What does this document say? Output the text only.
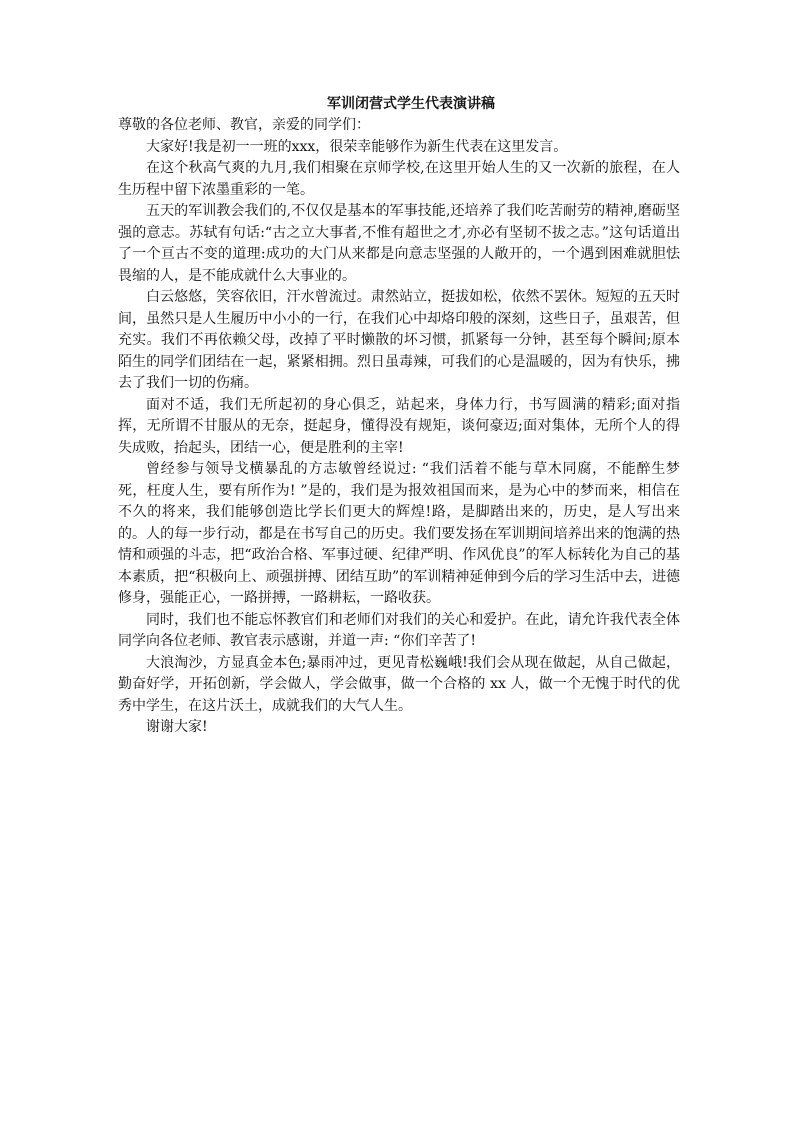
军训闭营式学生代表演讲稿

尊敬的各位老师、教官，亲爱的同学们：

大家好!我是初一一班的xxx，很荣幸能够作为新生代表在这里发言。

在这个秋高气爽的九月,我们相聚在京师学校,在这里开始人生的又一次新的旅程，在人生历程中留下浓墨重彩的一笔。

五天的军训教会我们的,不仅仅是基本的军事技能,还培养了我们吃苦耐劳的精神,磨砺坚强的意志。苏轼有句话:“古之立大事者,不惟有超世之才,亦必有坚韧不拔之志。”这句话道出了一个亘古不变的道理:成功的大门从来都是向意志坚强的人敞开的，一个遇到困难就胆怯畏缩的人，是不能成就什么大事业的。

白云悠悠，笑容依旧，汗水曾流过。肃然站立，挺拔如松，依然不罢休。短短的五天时间，虽然只是人生履历中小小的一行，在我们心中却烙印般的深刻，这些日子，虽艰苦，但充实。我们不再依赖父母，改掉了平时懒散的坏习惯，抓紧每一分钟，甚至每个瞬间;原本陌生的同学们团结在一起，紧紧相拥。烈日虽毒辣，可我们的心是温暖的，因为有快乐，拂去了我们一切的伤痛。

面对不适，我们无所起初的身心俱乏，站起来，身体力行，书写圆满的精彩;面对指挥，无所谓不甘服从的无奈，挺起身，懂得没有规矩，谈何豪迈;面对集体，无所个人的得失成败，抬起头，团结一心，便是胜利的主宰!

曾经参与领导戈横暴乱的方志敏曾经说过: “我们活着不能与草木同腐，不能醉生梦死，枉度人生，要有所作为! ”是的，我们是为报效祖国而来，是为心中的梦而来，相信在不久的将来，我们能够创造比学长们更大的辉煌!路，是脚踏出来的，历史，是人写出来的。人的每一步行动，都是在书写自己的历史。我们要发扬在军训期间培养出来的饱满的热情和顽强的斗志，把“政治合格、军事过硬、纪律严明、作风优良”的军人标转化为自己的基本素质，把“积极向上、顽强拼搏、团结互助”的军训精神延伸到今后的学习生活中去，进德修身，强能正心，一路拼搏，一路耕耘，一路收获。

同时，我们也不能忘怀教官们和老师们对我们的关心和爱护。在此，请允许我代表全体同学向各位老师、教官表示感谢，并道一声: “你们辛苦了!

大浪淘沙，方显真金本色;暴雨冲过，更见青松巍峨!我们会从现在做起，从自己做起，勤奋好学，开拓创新，学会做人，学会做事，做一个合格的 xx 人，做一个无愧于时代的优秀中学生，在这片沃土，成就我们的大气人生。

谢谢大家!
